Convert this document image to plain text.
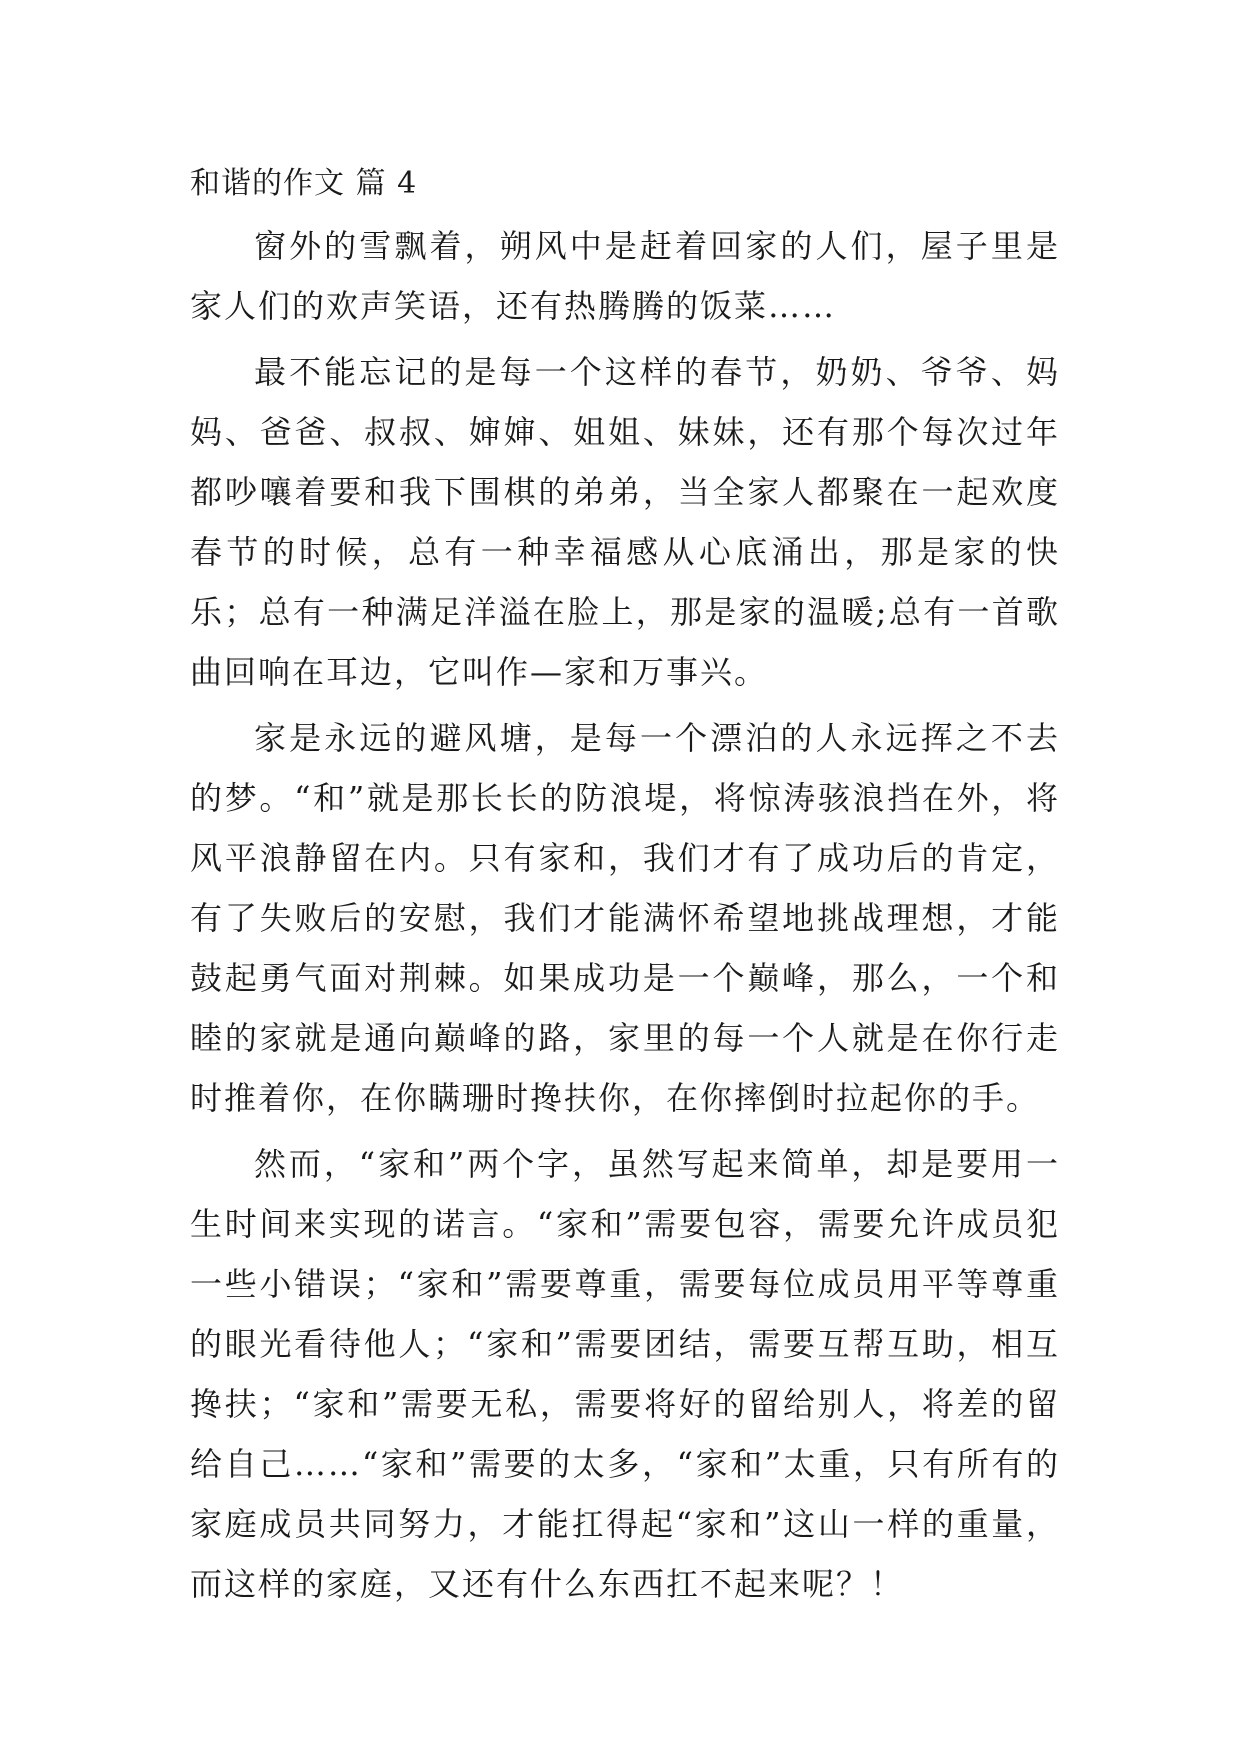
和谐的作文 篇 4

窗外的雪飘着，朔风中是赶着回家的人们，屋子里是家人们的欢声笑语，还有热腾腾的饭菜……

最不能忘记的是每一个这样的春节，奶奶、爷爷、妈妈、爸爸、叔叔、婶婶、姐姐、妹妹，还有那个每次过年都吵嚷着要和我下围棋的弟弟，当全家人都聚在一起欢度春节的时候，总有一种幸福感从心底涌出，那是家的快乐；总有一种满足洋溢在脸上，那是家的温暖;总有一首歌曲回响在耳边，它叫作—家和万事兴。

家是永远的避风塘，是每一个漂泊的人永远挥之不去的梦。“和”就是那长长的防浪堤，将惊涛骇浪挡在外，将风平浪静留在内。只有家和，我们才有了成功后的肯定，有了失败后的安慰，我们才能满怀希望地挑战理想，才能鼓起勇气面对荆棘。如果成功是一个巅峰，那么，一个和睦的家就是通向巅峰的路，家里的每一个人就是在你行走时推着你，在你瞒珊时搀扶你，在你摔倒时拉起你的手。

然而，“家和”两个字，虽然写起来简单，却是要用一生时间来实现的诺言。“家和”需要包容，需要允许成员犯一些小错误；“家和”需要尊重，需要每位成员用平等尊重的眼光看待他人；“家和”需要团结，需要互帮互助，相互搀扶；“家和”需要无私，需要将好的留给别人，将差的留给自己……“家和”需要的太多，“家和”太重，只有所有的家庭成员共同努力，才能扛得起“家和”这山一样的重量，而这样的家庭，又还有什么东西扛不起来呢？！
